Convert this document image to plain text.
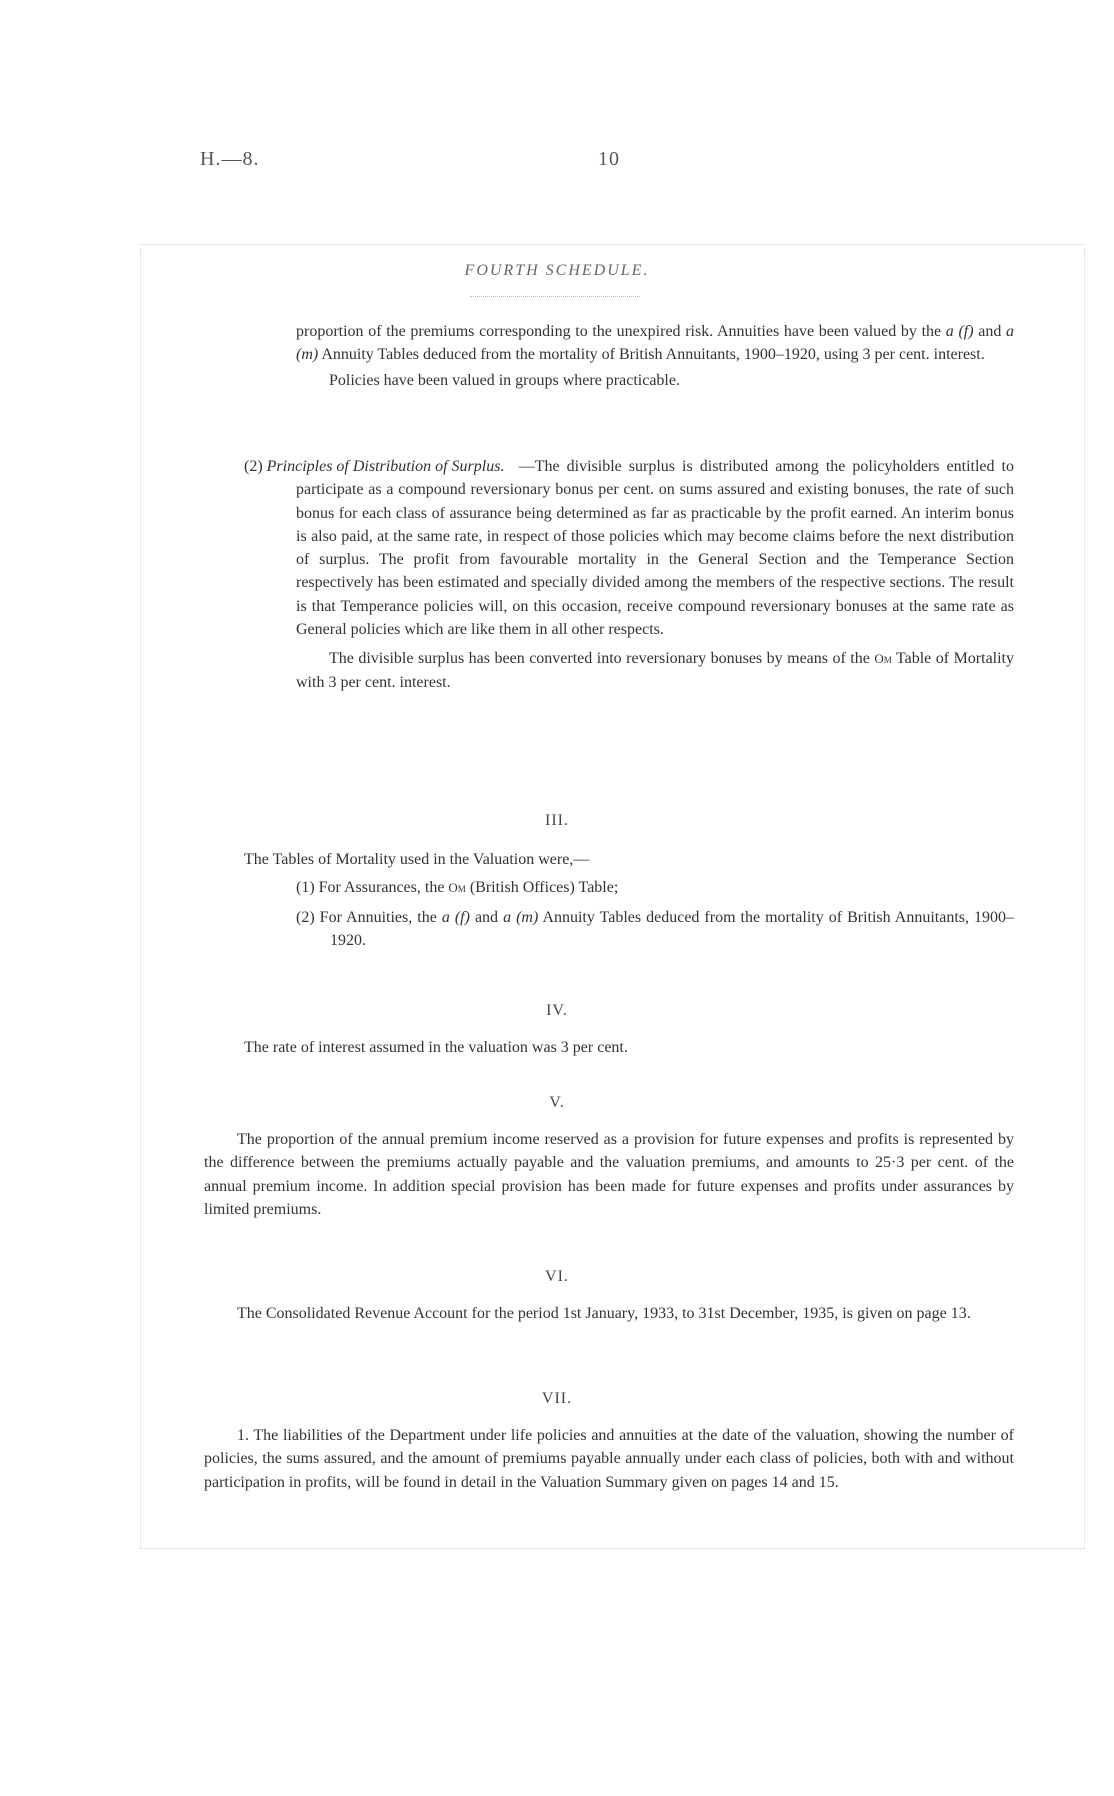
H.—8.	10
FOURTH SCHEDULE.

proportion of the premiums corresponding to the unexpired risk. Annuities have been valued by the a (f) and a (m) Annuity Tables deduced from the mortality of British Annuitants, 1900–1920, using 3 per cent. interest.

Policies have been valued in groups where practicable.

(2) Principles of Distribution of Surplus. —The divisible surplus is distributed among the policyholders entitled to participate as a compound reversionary bonus per cent. on sums assured and existing bonuses, the rate of such bonus for each class of assurance being determined as far as practicable by the profit earned. An interim bonus is also paid, at the same rate, in respect of those policies which may become claims before the next distribution of surplus. The profit from favourable mortality in the General Section and the Temperance Section respectively has been estimated and specially divided among the members of the respective sections. The result is that Temperance policies will, on this occasion, receive compound reversionary bonuses at the same rate as General policies which are like them in all other respects.

The divisible surplus has been converted into reversionary bonuses by means of the Om Table of Mortality with 3 per cent. interest.

III.
The Tables of Mortality used in the Valuation were,—
(1) For Assurances, the Om (British Offices) Table;
(2) For Annuities, the a (f) and a (m) Annuity Tables deduced from the mortality of British Annuitants, 1900–1920.
IV.
The rate of interest assumed in the valuation was 3 per cent.
V.
The proportion of the annual premium income reserved as a provision for future expenses and profits is represented by the difference between the premiums actually payable and the valuation premiums, and amounts to 25·3 per cent. of the annual premium income. In addition special provision has been made for future expenses and profits under assurances by limited premiums.
VI.
The Consolidated Revenue Account for the period 1st January, 1933, to 31st December, 1935, is given on page 13.
VII.
1. The liabilities of the Department under life policies and annuities at the date of the valuation, showing the number of policies, the sums assured, and the amount of premiums payable annually under each class of policies, both with and without participation in profits, will be found in detail in the Valuation Summary given on pages 14 and 15.
